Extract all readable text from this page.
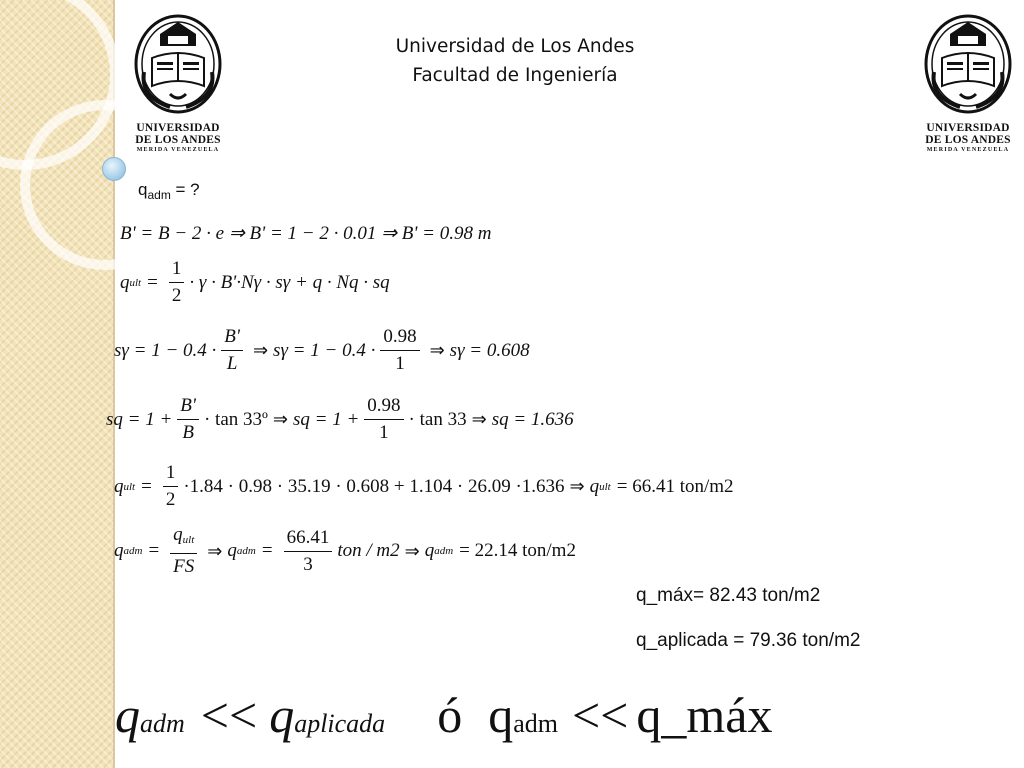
UNIVERSIDAD
DE LOS ANDES
MERIDA VENEZUELA
UNIVERSIDAD
DE LOS ANDES
MERIDA VENEZUELA
Universidad de Los Andes
Facultad de Ingeniería
$q_{adm}$ = ?
B' = B − 2 · e ⇒ B' = 1 − 2 · 0.01 ⇒ B' = 0.98 m
q ult = $\frac{1}{2} \cdot \gamma \cdot B'\cdot N\gamma \cdot s\gamma + q \cdot Nq$ · sq
$s\gamma = 1 - 0.4 \cdot \frac{B'}{L}$ ⇒ $s\gamma = 1 - 0.4 \cdot \frac{0.98}{1}$ ⇒ sγ = 0.608
sq = $1 + \frac{B'}{B} \cdot \tan$ 33º ⇒ sq = $1 + \frac{0.98}{1} \cdot \tan 33$ ⇒ sq = 1.636
q ult = $\frac{1}{2} \cdot 1.84 \cdot 0.98 \cdot 35.19 \cdot 0.608 + 1.104 \cdot 26.09 \cdot 1.636$ ⇒ q ult = 66.41 ton/m2
q adm = $\frac{q_{ult}}{FS}$ ⇒ q adm = $\frac{66.41}{3}$ ton / m2 ⇒ q adm = 22.14 ton/m2
q_máx= 82.43 ton/m2
q_aplicada = 79.36 ton/m2
q adm << q aplicada ó q adm << q_máx
